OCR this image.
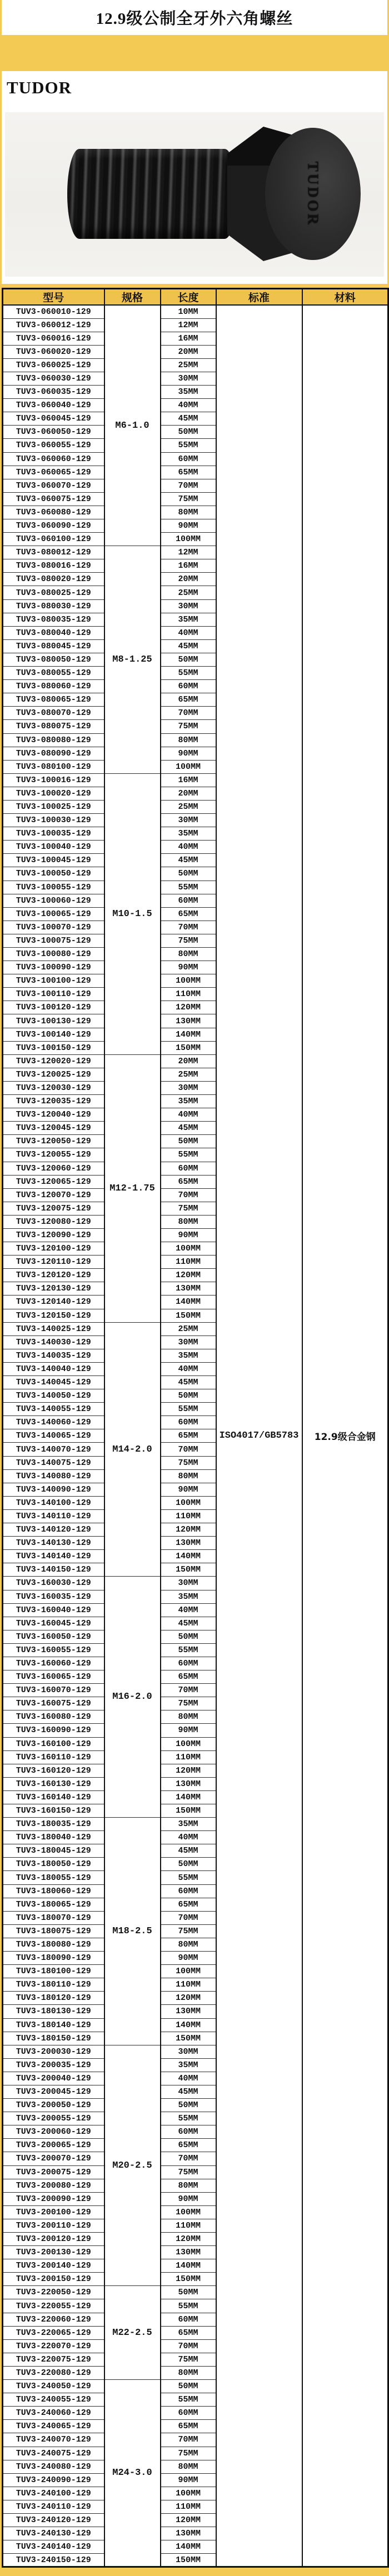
12.9级公制全牙外六角螺丝
TUDOR
TUDOR
型号	规格	长度	标准	材料
TUV3-060010-129	M6-1.0	10MM	ISO4017/GB5783	12.9级合金钢
TUV3-060012-129		12MM		
TUV3-060016-129		16MM		
TUV3-060020-129		20MM		
TUV3-060025-129		25MM		
TUV3-060030-129		30MM		
TUV3-060035-129		35MM		
TUV3-060040-129		40MM		
TUV3-060045-129		45MM		
TUV3-060050-129		50MM		
TUV3-060055-129		55MM		
TUV3-060060-129		60MM		
TUV3-060065-129		65MM		
TUV3-060070-129		70MM		
TUV3-060075-129		75MM		
TUV3-060080-129		80MM		
TUV3-060090-129		90MM		
TUV3-060100-129		100MM		
TUV3-080012-129	M8-1.25	12MM		
TUV3-080016-129		16MM		
TUV3-080020-129		20MM		
TUV3-080025-129		25MM		
TUV3-080030-129		30MM		
TUV3-080035-129		35MM		
TUV3-080040-129		40MM		
TUV3-080045-129		45MM		
TUV3-080050-129		50MM		
TUV3-080055-129		55MM		
TUV3-080060-129		60MM		
TUV3-080065-129		65MM		
TUV3-080070-129		70MM		
TUV3-080075-129		75MM		
TUV3-080080-129		80MM		
TUV3-080090-129		90MM		
TUV3-080100-129		100MM		
TUV3-100016-129	M10-1.5	16MM		
TUV3-100020-129		20MM		
TUV3-100025-129		25MM		
TUV3-100030-129		30MM		
TUV3-100035-129		35MM		
TUV3-100040-129		40MM		
TUV3-100045-129		45MM		
TUV3-100050-129		50MM		
TUV3-100055-129		55MM		
TUV3-100060-129		60MM		
TUV3-100065-129		65MM		
TUV3-100070-129		70MM		
TUV3-100075-129		75MM		
TUV3-100080-129		80MM		
TUV3-100090-129		90MM		
TUV3-100100-129		100MM		
TUV3-100110-129		110MM		
TUV3-100120-129		120MM		
TUV3-100130-129		130MM		
TUV3-100140-129		140MM		
TUV3-100150-129		150MM		
TUV3-120020-129	M12-1.75	20MM		
TUV3-120025-129		25MM		
TUV3-120030-129		30MM		
TUV3-120035-129		35MM		
TUV3-120040-129		40MM		
TUV3-120045-129		45MM		
TUV3-120050-129		50MM		
TUV3-120055-129		55MM		
TUV3-120060-129		60MM		
TUV3-120065-129		65MM		
TUV3-120070-129		70MM		
TUV3-120075-129		75MM		
TUV3-120080-129		80MM		
TUV3-120090-129		90MM		
TUV3-120100-129		100MM		
TUV3-120110-129		110MM		
TUV3-120120-129		120MM		
TUV3-120130-129		130MM		
TUV3-120140-129		140MM		
TUV3-120150-129		150MM		
TUV3-140025-129	M14-2.0	25MM		
TUV3-140030-129		30MM		
TUV3-140035-129		35MM		
TUV3-140040-129		40MM		
TUV3-140045-129		45MM		
TUV3-140050-129		50MM		
TUV3-140055-129		55MM		
TUV3-140060-129		60MM		
TUV3-140065-129		65MM		
TUV3-140070-129		70MM		
TUV3-140075-129		75MM		
TUV3-140080-129		80MM		
TUV3-140090-129		90MM		
TUV3-140100-129		100MM		
TUV3-140110-129		110MM		
TUV3-140120-129		120MM		
TUV3-140130-129		130MM		
TUV3-140140-129		140MM		
TUV3-140150-129		150MM		
TUV3-160030-129	M16-2.0	30MM		
TUV3-160035-129		35MM		
TUV3-160040-129		40MM		
TUV3-160045-129		45MM		
TUV3-160050-129		50MM		
TUV3-160055-129		55MM		
TUV3-160060-129		60MM		
TUV3-160065-129		65MM		
TUV3-160070-129		70MM		
TUV3-160075-129		75MM		
TUV3-160080-129		80MM		
TUV3-160090-129		90MM		
TUV3-160100-129		100MM		
TUV3-160110-129		110MM		
TUV3-160120-129		120MM		
TUV3-160130-129		130MM		
TUV3-160140-129		140MM		
TUV3-160150-129		150MM		
TUV3-180035-129	M18-2.5	35MM		
TUV3-180040-129		40MM		
TUV3-180045-129		45MM		
TUV3-180050-129		50MM		
TUV3-180055-129		55MM		
TUV3-180060-129		60MM		
TUV3-180065-129		65MM		
TUV3-180070-129		70MM		
TUV3-180075-129		75MM		
TUV3-180080-129		80MM		
TUV3-180090-129		90MM		
TUV3-180100-129		100MM		
TUV3-180110-129		110MM		
TUV3-180120-129		120MM		
TUV3-180130-129		130MM		
TUV3-180140-129		140MM		
TUV3-180150-129		150MM		
TUV3-200030-129	M20-2.5	30MM		
TUV3-200035-129		35MM		
TUV3-200040-129		40MM		
TUV3-200045-129		45MM		
TUV3-200050-129		50MM		
TUV3-200055-129		55MM		
TUV3-200060-129		60MM		
TUV3-200065-129		65MM		
TUV3-200070-129		70MM		
TUV3-200075-129		75MM		
TUV3-200080-129		80MM		
TUV3-200090-129		90MM		
TUV3-200100-129		100MM		
TUV3-200110-129		110MM		
TUV3-200120-129		120MM		
TUV3-200130-129		130MM		
TUV3-200140-129		140MM		
TUV3-200150-129		150MM		
TUV3-220050-129	M22-2.5	50MM		
TUV3-220055-129		55MM		
TUV3-220060-129		60MM		
TUV3-220065-129		65MM		
TUV3-220070-129		70MM		
TUV3-220075-129		75MM		
TUV3-220080-129		80MM		
TUV3-240050-129	M24-3.0	50MM		
TUV3-240055-129		55MM		
TUV3-240060-129		60MM		
TUV3-240065-129		65MM		
TUV3-240070-129		70MM		
TUV3-240075-129		75MM		
TUV3-240080-129		80MM		
TUV3-240090-129		90MM		
TUV3-240100-129		100MM		
TUV3-240110-129		110MM		
TUV3-240120-129		120MM		
TUV3-240130-129		130MM		
TUV3-240140-129		140MM		
TUV3-240150-129		150MM		
